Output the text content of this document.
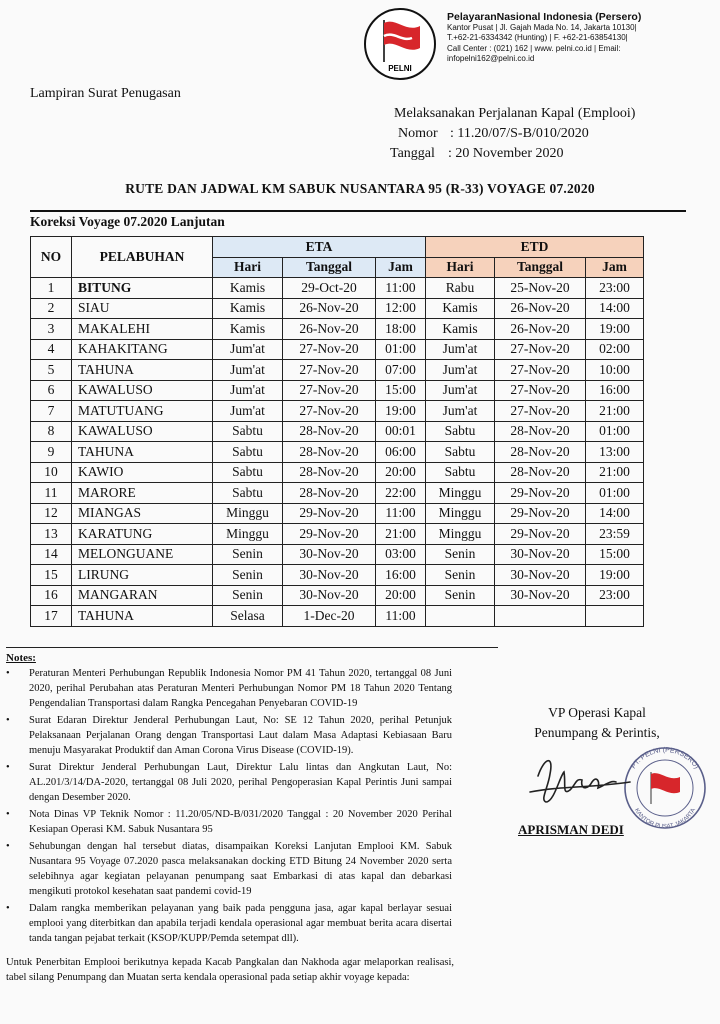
PELNI
PelayaranNasional Indonesia (Persero)
Kantor Pusat | Jl. Gajah Mada No. 14, Jakarta 10130|
T.+62-21-6334342 (Hunting) | F. +62-21-63854130|
Call Center : (021) 162 | www. pelni.co.id | Email:
infopelni162@pelni.co.id
Lampiran Surat Penugasan
Melaksanakan Perjalanan Kapal (Emplooi)
Nomor : 11.20/07/S-B/010/2020
Tanggal : 20 November 2020
RUTE DAN JADWAL KM SABUK NUSANTARA 95 (R-33) VOYAGE 07.2020
Koreksi Voyage 07.2020 Lanjutan
NO	PELABUHAN	ETA			ETD		
		Hari	Tanggal	Jam	Hari	Tanggal	Jam
1	BITUNG	Kamis	29-Oct-20	11:00	Rabu	25-Nov-20	23:00
2	SIAU	Kamis	26-Nov-20	12:00	Kamis	26-Nov-20	14:00
3	MAKALEHI	Kamis	26-Nov-20	18:00	Kamis	26-Nov-20	19:00
4	KAHAKITANG	Jum'at	27-Nov-20	01:00	Jum'at	27-Nov-20	02:00
5	TAHUNA	Jum'at	27-Nov-20	07:00	Jum'at	27-Nov-20	10:00
6	KAWALUSO	Jum'at	27-Nov-20	15:00	Jum'at	27-Nov-20	16:00
7	MATUTUANG	Jum'at	27-Nov-20	19:00	Jum'at	27-Nov-20	21:00
8	KAWALUSO	Sabtu	28-Nov-20	00:01	Sabtu	28-Nov-20	01:00
9	TAHUNA	Sabtu	28-Nov-20	06:00	Sabtu	28-Nov-20	13:00
10	KAWIO	Sabtu	28-Nov-20	20:00	Sabtu	28-Nov-20	21:00
11	MARORE	Sabtu	28-Nov-20	22:00	Minggu	29-Nov-20	01:00
12	MIANGAS	Minggu	29-Nov-20	11:00	Minggu	29-Nov-20	14:00
13	KARATUNG	Minggu	29-Nov-20	21:00	Minggu	29-Nov-20	23:59
14	MELONGUANE	Senin	30-Nov-20	03:00	Senin	30-Nov-20	15:00
15	LIRUNG	Senin	30-Nov-20	16:00	Senin	30-Nov-20	19:00
16	MANGARAN	Senin	30-Nov-20	20:00	Senin	30-Nov-20	23:00
17	TAHUNA	Selasa	1-Dec-20	11:00			
Notes:
• Peraturan Menteri Perhubungan Republik Indonesia Nomor PM 41 Tahun 2020, tertanggal 08 Juni 2020, perihal Perubahan atas Peraturan Menteri Perhubungan Nomor PM 18 Tahun 2020 Tentang Pengendalian Transportasi dalam Rangka Pencegahan Penyebaran COVID-19
• Surat Edaran Direktur Jenderal Perhubungan Laut, No: SE 12 Tahun 2020, perihal Petunjuk Pelaksanaan Perjalanan Orang dengan Transportasi Laut dalam Masa Adaptasi Kebiasaan Baru menuju Masyarakat Produktif dan Aman Corona Virus Disease (COVID-19).
• Surat Direktur Jenderal Perhubungan Laut, Direktur Lalu lintas dan Angkutan Laut, No: AL.201/3/14/DA-2020, tertanggal 08 Juli 2020, perihal Pengoperasian Kapal Perintis Juni sampai dengan Desember 2020.
• Nota Dinas VP Teknik Nomor : 11.20/05/ND-B/031/2020 Tanggal : 20 November 2020 Perihal Kesiapan Operasi KM. Sabuk Nusantara 95
• Sehubungan dengan hal tersebut diatas, disampaikan Koreksi Lanjutan Emplooi KM. Sabuk Nusantara 95 Voyage 07.2020 pasca melaksanakan docking ETD Bitung 24 November 2020 serta selebihnya agar kegiatan pelayanan penumpang saat Embarkasi di atas kapal dan debarkasi mengikuti protokol kesehatan saat pandemi covid-19
• Dalam rangka memberikan pelayanan yang baik pada pengguna jasa, agar kapal berlayar sesuai emplooi yang diterbitkan dan apabila terjadi kendala operasional agar membuat berita acara disertai tanda tangan pejabat terkait (KSOP/KUPP/Pemda setempat dll).
Untuk Penerbitan Emplooi berikutnya kepada Kacab Pangkalan dan Nakhoda agar melaporkan realisasi, tabel silang Penumpang dan Muatan serta kendala operasional pada setiap akhir voyage kepada:
VP Operasi Kapal
Penumpang & Perintis,
PT. PELNI (PERSERO)
KANTOR PUSAT JAKARTA
APRISMAN DEDI
